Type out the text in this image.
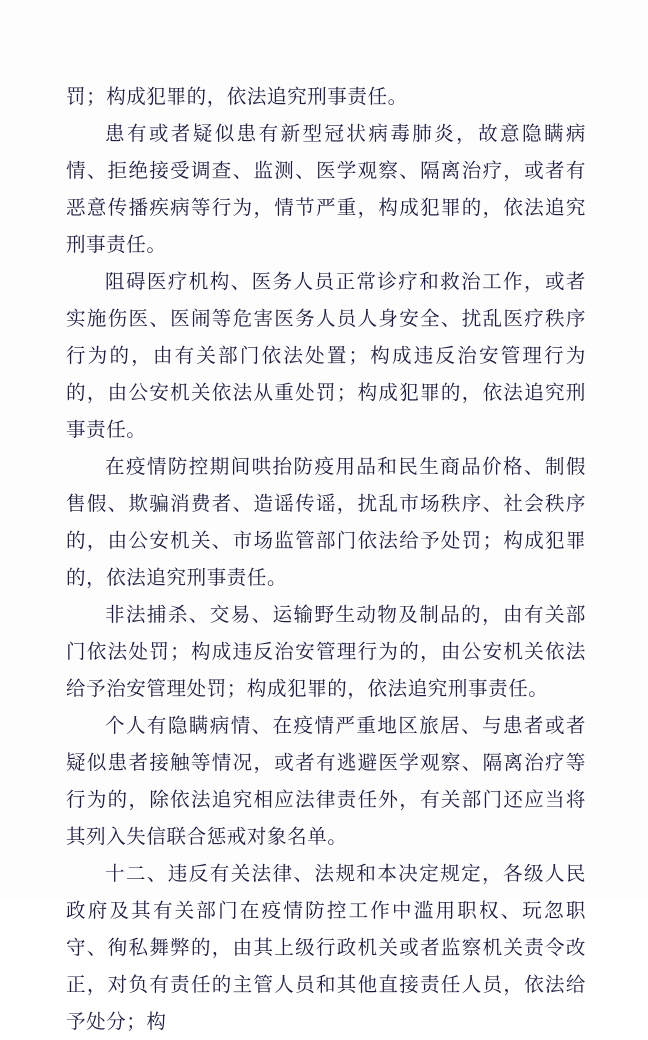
罚；构成犯罪的，依法追究刑事责任。

患有或者疑似患有新型冠状病毒肺炎，故意隐瞒病情、拒绝接受调查、监测、医学观察、隔离治疗，或者有恶意传播疾病等行为，情节严重，构成犯罪的，依法追究刑事责任。

阻碍医疗机构、医务人员正常诊疗和救治工作，或者实施伤医、医闹等危害医务人员人身安全、扰乱医疗秩序行为的，由有关部门依法处置；构成违反治安管理行为的，由公安机关依法从重处罚；构成犯罪的，依法追究刑事责任。

在疫情防控期间哄抬防疫用品和民生商品价格、制假售假、欺骗消费者、造谣传谣，扰乱市场秩序、社会秩序的，由公安机关、市场监管部门依法给予处罚；构成犯罪的，依法追究刑事责任。

非法捕杀、交易、运输野生动物及制品的，由有关部门依法处罚；构成违反治安管理行为的，由公安机关依法给予治安管理处罚；构成犯罪的，依法追究刑事责任。

个人有隐瞒病情、在疫情严重地区旅居、与患者或者疑似患者接触等情况，或者有逃避医学观察、隔离治疗等行为的，除依法追究相应法律责任外，有关部门还应当将其列入失信联合惩戒对象名单。

十二、违反有关法律、法规和本决定规定，各级人民政府及其有关部门在疫情防控工作中滥用职权、玩忽职守、徇私舞弊的，由其上级行政机关或者监察机关责令改正，对负有责任的主管人员和其他直接责任人员，依法给予处分；构
